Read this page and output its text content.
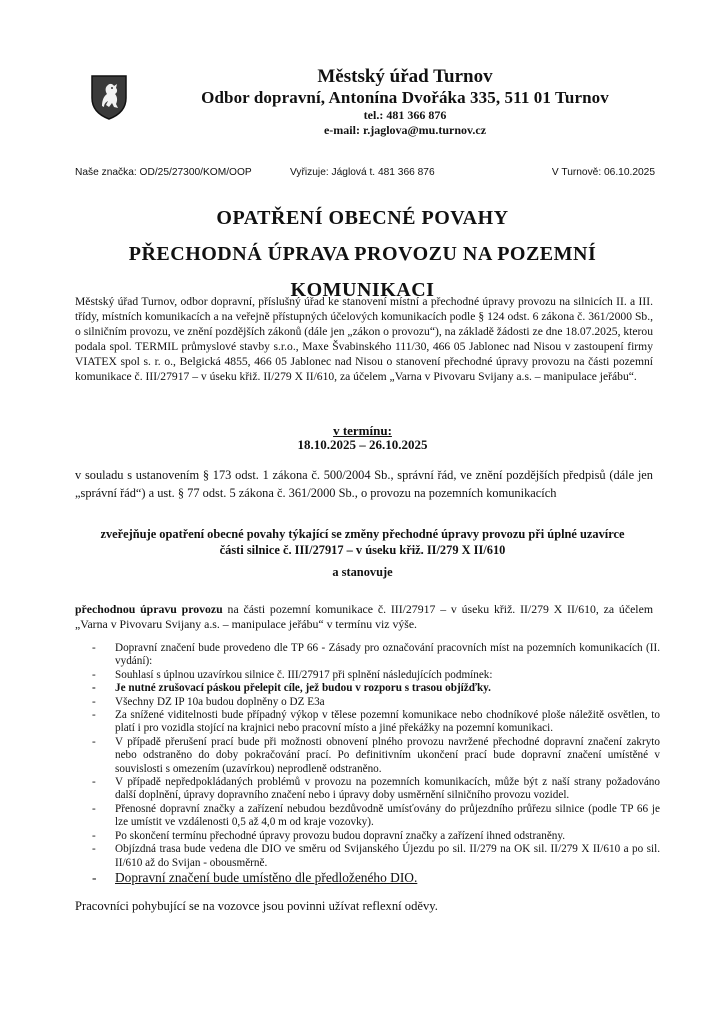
Městský úřad Turnov
Odbor dopravní, Antonína Dvořáka 335, 511 01 Turnov
tel.: 481 366 876
e-mail: r.jaglova@mu.turnov.cz
Naše značka: OD/25/27300/KOM/OOP	Vyřizuje: Jáglová t. 481 366 876	V Turnově: 06.10.2025
OPATŘENÍ OBECNÉ POVAHY
PŘECHODNÁ ÚPRAVA PROVOZU NA POZEMNÍ
KOMUNIKACI
Městský úřad Turnov, odbor dopravní, příslušný úřad ke stanovení místní a přechodné úpravy provozu na silnicích II. a III. třídy, místních komunikacích a na veřejně přístupných účelových komunikacích podle § 124 odst. 6 zákona č. 361/2000 Sb., o silničním provozu, ve znění pozdějších zákonů (dále jen „zákon o provozu“), na základě žádosti ze dne 18.07.2025, kterou podala spol. TERMIL průmyslové stavby s.r.o., Maxe Švabinského 111/30, 466 05 Jablonec nad Nisou v zastoupení firmy VIATEX spol s. r. o., Belgická 4855, 466 05 Jablonec nad Nisou o stanovení přechodné úpravy provozu na části pozemní komunikace č. III/27917 – v úseku křiž. II/279 X II/610, za účelem „Varna v Pivovaru Svijany a.s. – manipulace jeřábu“.
v termínu:
18.10.2025 – 26.10.2025
v souladu s ustanovením § 173 odst. 1 zákona č. 500/2004 Sb., správní řád, ve znění pozdějších předpisů (dále jen „správní řád“) a ust. § 77 odst. 5 zákona č. 361/2000 Sb., o provozu na pozemních komunikacích
zveřejňuje opatření obecné povahy týkající se změny přechodné úpravy provozu při úplné uzavírce části silnice č. III/27917 – v úseku křiž. II/279 X II/610
a stanovuje
přechodnou úpravu provozu na části pozemní komunikace č. III/27917 – v úseku křiž. II/279 X II/610, za účelem „Varna v Pivovaru Svijany a.s. – manipulace jeřábu“ v termínu viz výše.
- Dopravní značení bude provedeno dle TP 66 - Zásady pro označování pracovních míst na pozemních komunikacích (II. vydání):
- Souhlasí s úplnou uzavírkou silnice č. III/27917 při splnění následujících podmínek:
- Je nutné zrušovací páskou přelepit cíle, jež budou v rozporu s trasou objížďky.
- Všechny DZ IP 10a budou doplněny o DZ E3a
- Za snížené viditelnosti bude případný výkop v tělese pozemní komunikace nebo chodníkové ploše náležitě osvětlen, to platí i pro vozidla stojící na krajnici nebo pracovní místo a jiné překážky na pozemní komunikaci.
- V případě přerušení prací bude při možnosti obnovení plného provozu navržené přechodné dopravní značení zakryto nebo odstraněno do doby pokračování prací. Po definitivním ukončení prací bude dopravní značení umístěné v souvislosti s omezením (uzavírkou) neprodleně odstraněno.
- V případě nepředpokládaných problémů v provozu na pozemních komunikacích, může být z naší strany požadováno další doplnění, úpravy dopravního značení nebo i úpravy doby usměrnění silničního provozu vozidel.
- Přenosné dopravní značky a zařízení nebudou bezdůvodně umísťovány do průjezdního průřezu silnice (podle TP 66 je lze umístit ve vzdálenosti 0,5 až 4,0 m od kraje vozovky).
- Po skončení termínu přechodné úpravy provozu budou dopravní značky a zařízení ihned odstraněny.
- Objízdná trasa bude vedena dle DIO ve směru od Svijanského Újezdu po sil. II/279 na OK sil. II/279 X II/610 a po sil. II/610 až do Svijan - obousměrně.
- Dopravní značení bude umístěno dle předloženého DIO.
Pracovníci pohybující se na vozovce jsou povinni užívat reflexní oděvy.
